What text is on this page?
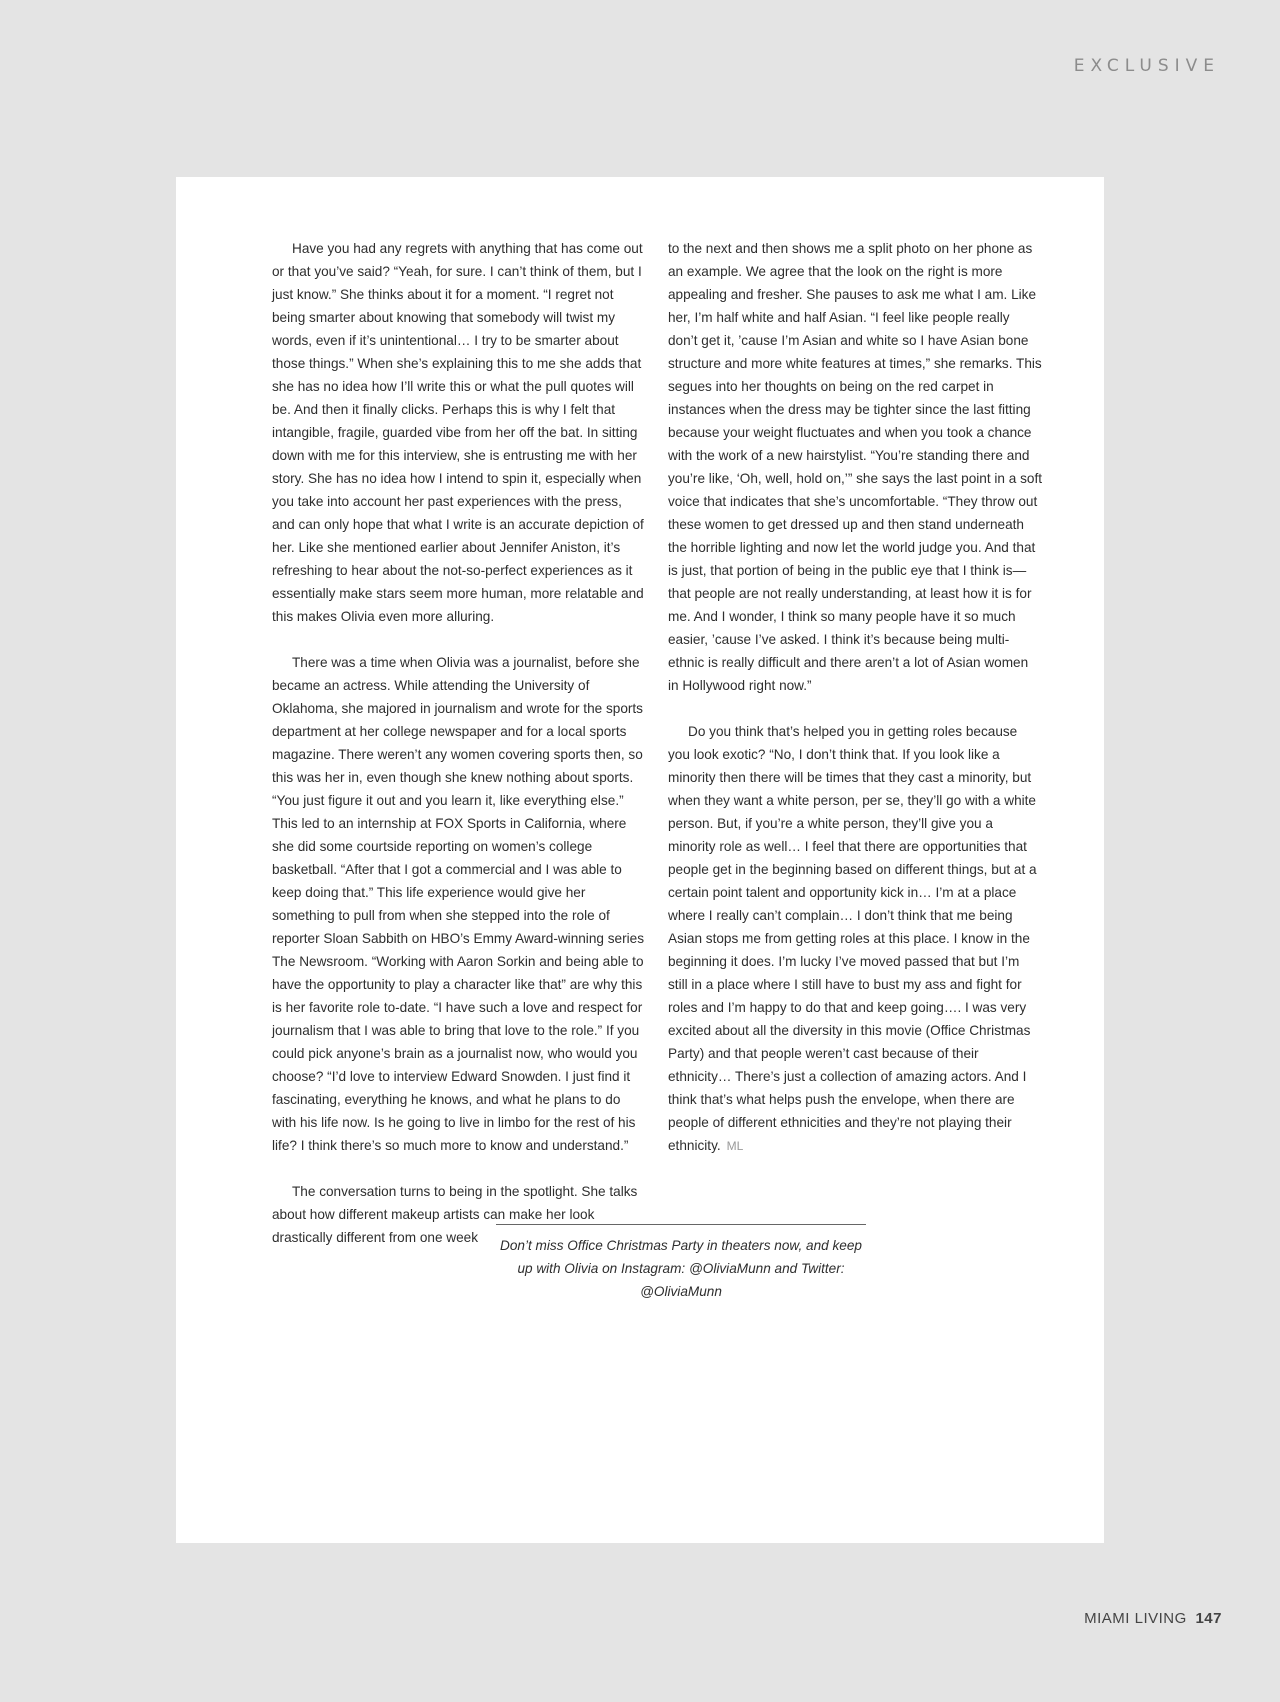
EXCLUSIVE

Have you had any regrets with anything that has come out or that you’ve said? “Yeah, for sure. I can’t think of them, but I just know.” She thinks about it for a moment. “I regret not being smarter about knowing that somebody will twist my words, even if it’s unintentional… I try to be smarter about those things.” When she’s explaining this to me she adds that she has no idea how I’ll write this or what the pull quotes will be. And then it finally clicks. Perhaps this is why I felt that intangible, fragile, guarded vibe from her off the bat. In sitting down with me for this interview, she is entrusting me with her story. She has no idea how I intend to spin it, especially when you take into account her past experiences with the press, and can only hope that what I write is an accurate depiction of her. Like she mentioned earlier about Jennifer Aniston, it’s refreshing to hear about the not-so-perfect experiences as it essentially make stars seem more human, more relatable and this makes Olivia even more alluring.

There was a time when Olivia was a journalist, before she became an actress. While attending the University of Oklahoma, she majored in journalism and wrote for the sports department at her college newspaper and for a local sports magazine. There weren’t any women covering sports then, so this was her in, even though she knew nothing about sports. “You just figure it out and you learn it, like everything else.” This led to an internship at FOX Sports in California, where she did some courtside reporting on women’s college basketball. “After that I got a commercial and I was able to keep doing that.” This life experience would give her something to pull from when she stepped into the role of reporter Sloan Sabbith on HBO’s Emmy Award-winning series The Newsroom. “Working with Aaron Sorkin and being able to have the opportunity to play a character like that” are why this is her favorite role to-date. “I have such a love and respect for journalism that I was able to bring that love to the role.” If you could pick anyone’s brain as a journalist now, who would you choose? “I’d love to interview Edward Snowden. I just find it fascinating, everything he knows, and what he plans to do with his life now. Is he going to live in limbo for the rest of his life? I think there’s so much more to know and understand.”

The conversation turns to being in the spotlight. She talks about how different makeup artists can make her look drastically different from one week

to the next and then shows me a split photo on her phone as an example. We agree that the look on the right is more appealing and fresher. She pauses to ask me what I am. Like her, I’m half white and half Asian. “I feel like people really don’t get it, ’cause I’m Asian and white so I have Asian bone structure and more white features at times,” she remarks. This segues into her thoughts on being on the red carpet in instances when the dress may be tighter since the last fitting because your weight fluctuates and when you took a chance with the work of a new hairstylist. “You’re standing there and you’re like, ‘Oh, well, hold on,’” she says the last point in a soft voice that indicates that she’s uncomfortable. “They throw out these women to get dressed up and then stand underneath the horrible lighting and now let the world judge you. And that is just, that portion of being in the public eye that I think is—that people are not really understanding, at least how it is for me. And I wonder, I think so many people have it so much easier, ’cause I’ve asked. I think it’s because being multi-ethnic is really difficult and there aren’t a lot of Asian women in Hollywood right now.”

Do you think that’s helped you in getting roles because you look exotic? “No, I don’t think that. If you look like a minority then there will be times that they cast a minority, but when they want a white person, per se, they’ll go with a white person. But, if you’re a white person, they’ll give you a minority role as well… I feel that there are opportunities that people get in the beginning based on different things, but at a certain point talent and opportunity kick in… I’m at a place where I really can’t complain… I don’t think that me being Asian stops me from getting roles at this place. I know in the beginning it does. I’m lucky I’ve moved passed that but I’m still in a place where I still have to bust my ass and fight for roles and I’m happy to do that and keep going…. I was very excited about all the diversity in this movie (Office Christmas Party) and that people weren’t cast because of their ethnicity… There’s just a collection of amazing actors. And I think that’s what helps push the envelope, when there are people of different ethnicities and they’re not playing their ethnicity. ML

Don’t miss Office Christmas Party in theaters now, and keep up with Olivia on Instagram: @OliviaMunn and Twitter: @OliviaMunn
MIAMI LIVING 147
